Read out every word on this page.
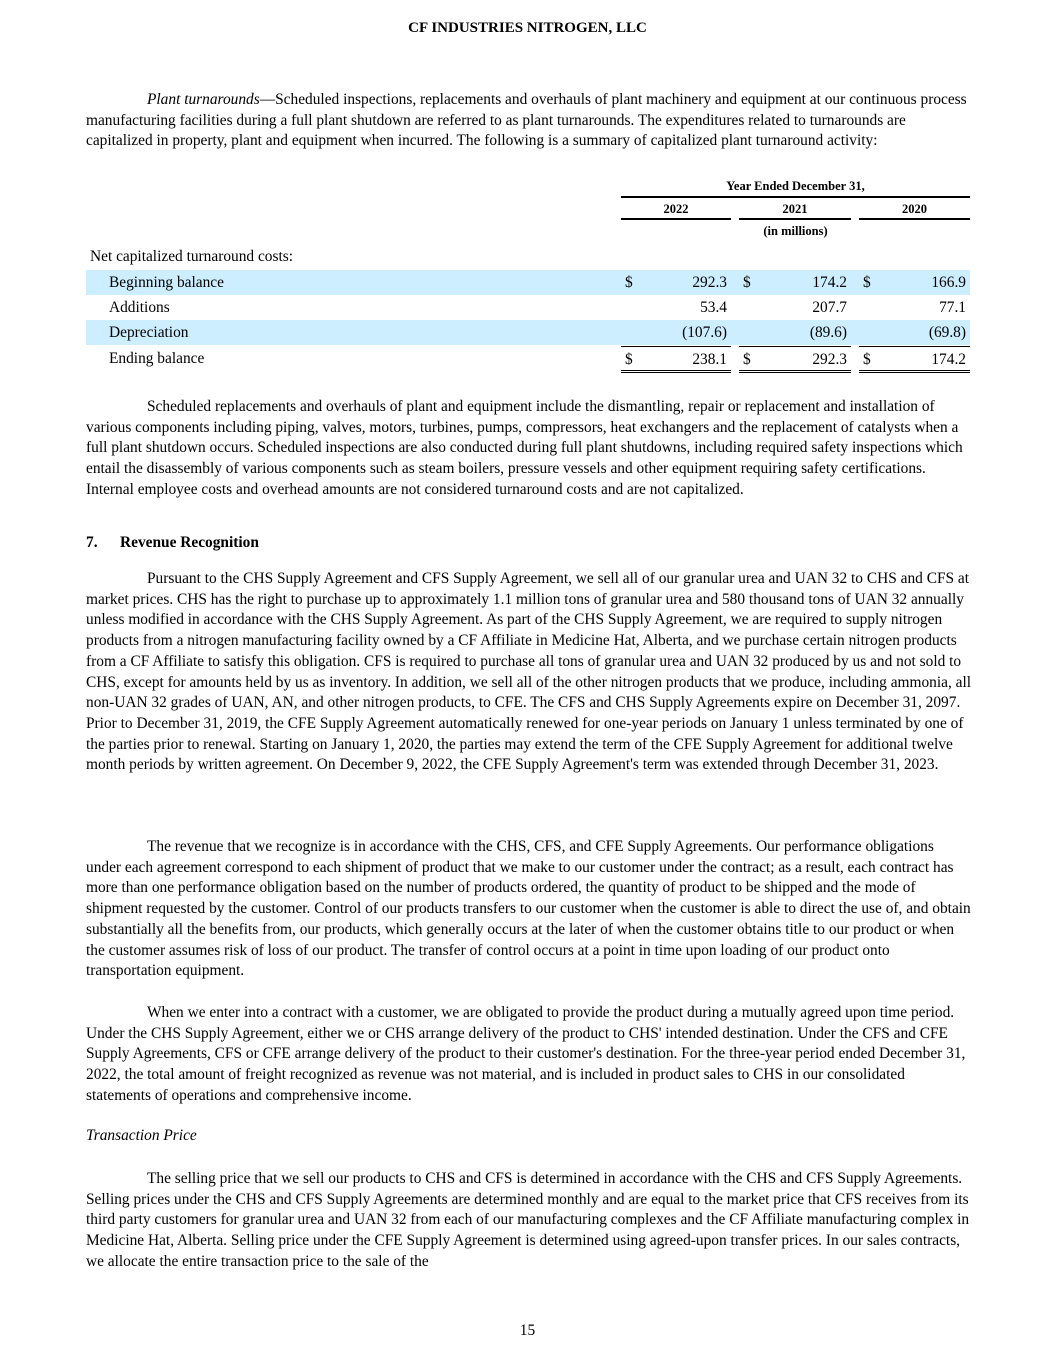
CF INDUSTRIES NITROGEN, LLC

Plant turnarounds—Scheduled inspections, replacements and overhauls of plant machinery and equipment at our continuous process manufacturing facilities during a full plant shutdown are referred to as plant turnarounds. The expenditures related to turnarounds are capitalized in property, plant and equipment when incurred. The following is a summary of capitalized plant turnaround activity:

Year Ended December 31,
2022	2021	2020
(in millions)
Net capitalized turnaround costs:
Beginning balance	$	292.3 $	174.2 $	166.9
Additions	53.4	207.7	77.1
Depreciation	(107.6)	(89.6)	(69.8)
Ending balance	$	238.1 $	292.3 $	174.2

Scheduled replacements and overhauls of plant and equipment include the dismantling, repair or replacement and installation of various components including piping, valves, motors, turbines, pumps, compressors, heat exchangers and the replacement of catalysts when a full plant shutdown occurs. Scheduled inspections are also conducted during full plant shutdowns, including required safety inspections which entail the disassembly of various components such as steam boilers, pressure vessels and other equipment requiring safety certifications. Internal employee costs and overhead amounts are not considered turnaround costs and are not capitalized.

7. Revenue Recognition

Pursuant to the CHS Supply Agreement and CFS Supply Agreement, we sell all of our granular urea and UAN 32 to CHS and CFS at market prices. CHS has the right to purchase up to approximately 1.1 million tons of granular urea and 580 thousand tons of UAN 32 annually unless modified in accordance with the CHS Supply Agreement. As part of the CHS Supply Agreement, we are required to supply nitrogen products from a nitrogen manufacturing facility owned by a CF Affiliate in Medicine Hat, Alberta, and we purchase certain nitrogen products from a CF Affiliate to satisfy this obligation. CFS is required to purchase all tons of granular urea and UAN 32 produced by us and not sold to CHS, except for amounts held by us as inventory. In addition, we sell all of the other nitrogen products that we produce, including ammonia, all non-UAN 32 grades of UAN, AN, and other nitrogen products, to CFE. The CFS and CHS Supply Agreements expire on December 31, 2097. Prior to December 31, 2019, the CFE Supply Agreement automatically renewed for one-year periods on January 1 unless terminated by one of the parties prior to renewal. Starting on January 1, 2020, the parties may extend the term of the CFE Supply Agreement for additional twelve month periods by written agreement. On December 9, 2022, the CFE Supply Agreement's term was extended through December 31, 2023.

The revenue that we recognize is in accordance with the CHS, CFS, and CFE Supply Agreements. Our performance obligations under each agreement correspond to each shipment of product that we make to our customer under the contract; as a result, each contract has more than one performance obligation based on the number of products ordered, the quantity of product to be shipped and the mode of shipment requested by the customer. Control of our products transfers to our customer when the customer is able to direct the use of, and obtain substantially all the benefits from, our products, which generally occurs at the later of when the customer obtains title to our product or when the customer assumes risk of loss of our product. The transfer of control occurs at a point in time upon loading of our product onto transportation equipment.

When we enter into a contract with a customer, we are obligated to provide the product during a mutually agreed upon time period. Under the CHS Supply Agreement, either we or CHS arrange delivery of the product to CHS' intended destination. Under the CFS and CFE Supply Agreements, CFS or CFE arrange delivery of the product to their customer's destination. For the three-year period ended December 31, 2022, the total amount of freight recognized as revenue was not material, and is included in product sales to CHS in our consolidated statements of operations and comprehensive income.

Transaction Price

The selling price that we sell our products to CHS and CFS is determined in accordance with the CHS and CFS Supply Agreements. Selling prices under the CHS and CFS Supply Agreements are determined monthly and are equal to the market price that CFS receives from its third party customers for granular urea and UAN 32 from each of our manufacturing complexes and the CF Affiliate manufacturing complex in Medicine Hat, Alberta. Selling price under the CFE Supply Agreement is determined using agreed-upon transfer prices. In our sales contracts, we allocate the entire transaction price to the sale of the

15
